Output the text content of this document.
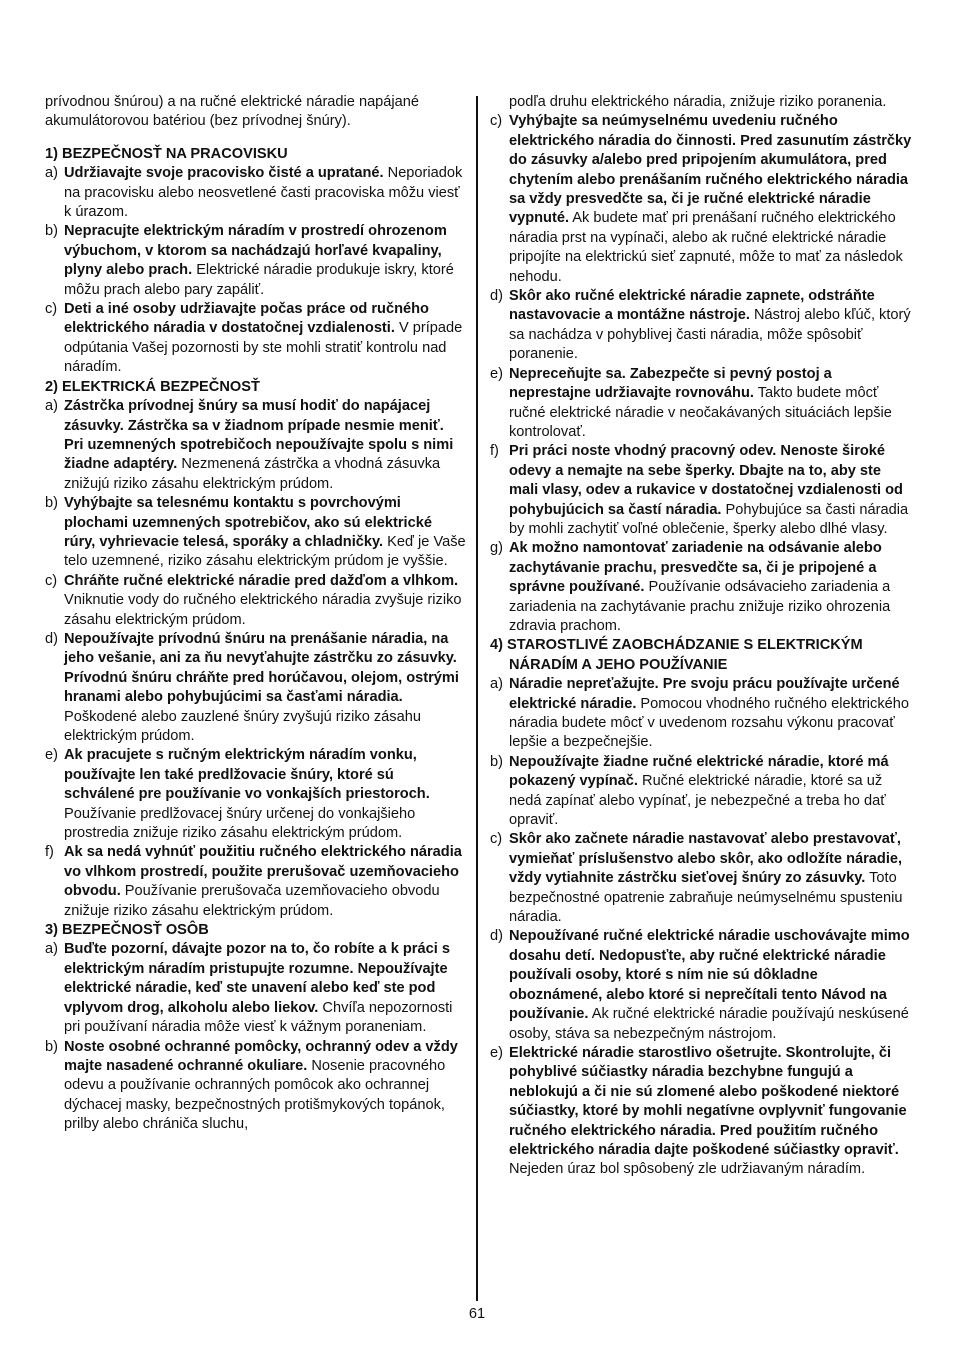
prívodnou šnúrou) a na ručné elektrické náradie napájané akumulátorovou batériou (bez prívodnej šnúry).

1) BEZPEČNOSŤ NA PRACOVISKU

a) Udržiavajte svoje pracovisko čisté a upratané. Neporiadok na pracovisku alebo neosvetlené časti pracoviska môžu viesť k úrazom.
b) Nepracujte elektrickým náradím v prostredí ohrozenom výbuchom, v ktorom sa nachádzajú horľavé kvapaliny, plyny alebo prach. Elektrické náradie produkuje iskry, ktoré môžu prach alebo pary zapáliť.
c) Deti a iné osoby udržiavajte počas práce od ručného elektrického náradia v dostatočnej vzdialenosti. V prípade odpútania Vašej pozornosti by ste mohli stratiť kontrolu nad náradím.

2) ELEKTRICKÁ BEZPEČNOSŤ

a) Zástrčka prívodnej šnúry sa musí hodiť do napájacej zásuvky. Zástrčka sa v žiadnom prípade nesmie meniť. Pri uzemnených spotrebičoch nepoužívajte spolu s nimi žiadne adaptéry. Nezmenená zástrčka a vhodná zásuvka znižujú riziko zásahu elektrickým prúdom.
b) Vyhýbajte sa telesnému kontaktu s povrchovými plochami uzemnených spotrebičov, ako sú elektrické rúry, vyhrievacie telesá, sporáky a chladničky. Keď je Vaše telo uzemnené, riziko zásahu elektrickým prúdom je vyššie.
c) Chráňte ručné elektrické náradie pred dažďom a vlhkom. Vniknutie vody do ručného elektrického náradia zvyšuje riziko zásahu elektrickým prúdom.
d) Nepoužívajte prívodnú šnúru na prenášanie náradia, na jeho vešanie, ani za ňu nevyťahujte zástrčku zo zásuvky. Prívodnú šnúru chráňte pred horúčavou, olejom, ostrými hranami alebo pohybujúcimi sa časťami náradia. Poškodené alebo zauzlené šnúry zvyšujú riziko zásahu elektrickým prúdom.
e) Ak pracujete s ručným elektrickým náradím vonku, používajte len také predlžovacie šnúry, ktoré sú schválené pre používanie vo vonkajších priestoroch. Používanie predlžovacej šnúry určenej do vonkajšieho prostredia znižuje riziko zásahu elektrickým prúdom.
f) Ak sa nedá vyhnúť použitiu ručného elektrického náradia vo vlhkom prostredí, použite prerušovač uzemňovacieho obvodu. Používanie prerušovača uzemňovacieho obvodu znižuje riziko zásahu elektrickým prúdom.

3) BEZPEČNOSŤ OSÔB

a) Buďte pozorní, dávajte pozor na to, čo robíte a k práci s elektrickým náradím pristupujte rozumne. Nepoužívajte elektrické náradie, keď ste unavení alebo keď ste pod vplyvom drog, alkoholu alebo liekov. Chvíľa nepozornosti pri používaní náradia môže viesť k vážnym poraneniam.
b) Noste osobné ochranné pomôcky, ochranný odev a vždy majte nasadené ochranné okuliare. Nosenie pracovného odevu a používanie ochranných pomôcok ako ochrannej dýchacej masky, bezpečnostných protišmykových topánok, prilby alebo chrániča sluchu,

podľa druhu elektrického náradia, znižuje riziko poranenia.

c) Vyhýbajte sa neúmyselnému uvedeniu ručného elektrického náradia do činnosti. Pred zasunutím zástrčky do zásuvky a/alebo pred pripojením akumulátora, pred chytením alebo prenášaním ručného elektrického náradia sa vždy presvedčte sa, či je ručné elektrické náradie vypnuté. Ak budete mať pri prenášaní ručného elektrického náradia prst na vypínači, alebo ak ručné elektrické náradie pripojíte na elektrickú sieť zapnuté, môže to mať za následok nehodu.
d) Skôr ako ručné elektrické náradie zapnete, odstráňte nastavovacie a montážne nástroje. Nástroj alebo kľúč, ktorý sa nachádza v pohyblivej časti náradia, môže spôsobiť poranenie.
e) Nepreceňujte sa. Zabezpečte si pevný postoj a neprestajne udržiavajte rovnováhu. Takto budete môcť ručné elektrické náradie v neočakávaných situáciách lepšie kontrolovať.
f) Pri práci noste vhodný pracovný odev. Nenoste široké odevy a nemajte na sebe šperky. Dbajte na to, aby ste mali vlasy, odev a rukavice v dostatočnej vzdialenosti od pohybujúcich sa častí náradia. Pohybujúce sa časti náradia by mohli zachytiť voľné oblečenie, šperky alebo dlhé vlasy.
g) Ak možno namontovať zariadenie na odsávanie alebo zachytávanie prachu, presvedčte sa, či je pripojené a správne používané. Používanie odsávacieho zariadenia a zariadenia na zachytávanie prachu znižuje riziko ohrozenia zdravia prachom.

4) STAROSTLIVÉ ZAOBCHÁDZANIE S ELEKTRICKÝM NÁRADÍM A JEHO POUŽÍVANIE

a) Náradie nepreťažujte. Pre svoju prácu používajte určené elektrické náradie. Pomocou vhodného ručného elektrického náradia budete môcť v uvedenom rozsahu výkonu pracovať lepšie a bezpečnejšie.
b) Nepoužívajte žiadne ručné elektrické náradie, ktoré má pokazený vypínač. Ručné elektrické náradie, ktoré sa už nedá zapínať alebo vypínať, je nebezpečné a treba ho dať opraviť.
c) Skôr ako začnete náradie nastavovať alebo prestavovať, vymieňať príslušenstvo alebo skôr, ako odložíte náradie, vždy vytiahnite zástrčku sieťovej šnúry zo zásuvky. Toto bezpečnostné opatrenie zabraňuje neúmyselnému spusteniu náradia.
d) Nepoužívané ručné elektrické náradie uschovávajte mimo dosahu detí. Nedopusťte, aby ručné elektrické náradie používali osoby, ktoré s ním nie sú dôkladne oboznámené, alebo ktoré si neprečítali tento Návod na používanie. Ak ručné elektrické náradie používajú neskúsené osoby, stáva sa nebezpečným nástrojom.
e) Elektrické náradie starostlivo ošetrujte. Skontrolujte, či pohyblivé súčiastky náradia bezchybne fungujú a neblokujú a či nie sú zlomené alebo poškodené niektoré súčiastky, ktoré by mohli negatívne ovplyvniť fungovanie ručného elektrického náradia. Pred použitím ručného elektrického náradia dajte poškodené súčiastky opraviť. Nejeden úraz bol spôsobený zle udržiavaným náradím.
61
